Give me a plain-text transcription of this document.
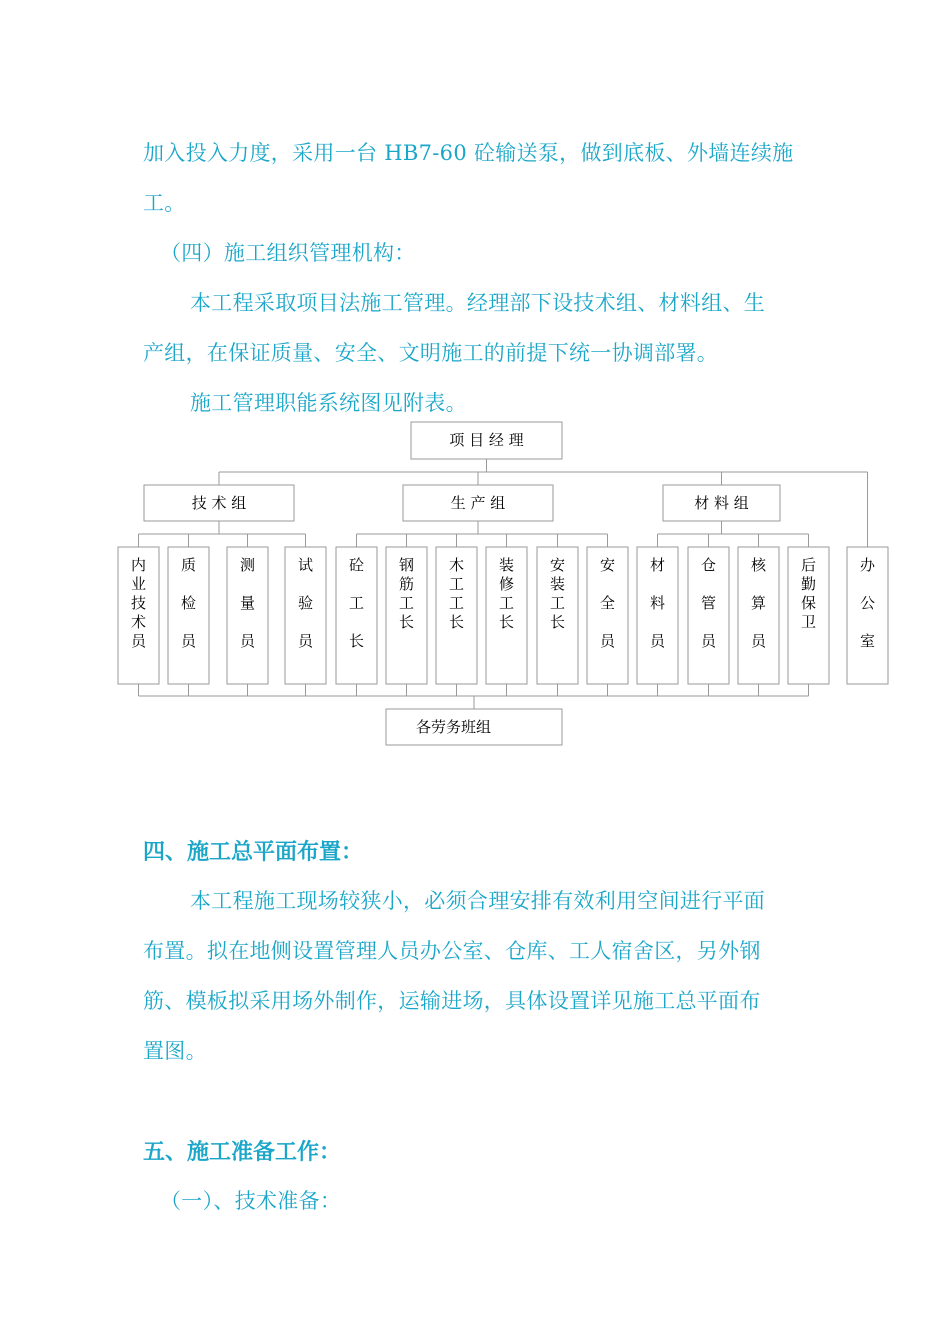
加入投入力度，采用一台 HB7-60 砼输送泵，做到底板、外墙连续施
工。
（四）施工组织管理机构：
本工程采取项目法施工管理。经理部下设技术组、材料组、生
产组，在保证质量、安全、文明施工的前提下统一协调部署。
施工管理职能系统图见附表。
项 目 经 理
技 术 组	生 产 组	材 料 组
内
业
技
术
员
质
检
员
测
量
员
试
验
员
砼
工
长
钢
筋
工
长
木
工
工
长
装
修
工
长
安
装
工
长
安
全
员
材
料
员
仓
管
员
核
算
员
后
勤
保
卫
办
公
室
各劳务班组
四、施工总平面布置：
本工程施工现场较狭小，必须合理安排有效利用空间进行平面
布置。拟在地侧设置管理人员办公室、仓库、工人宿舍区，另外钢
筋、模板拟采用场外制作，运输进场，具体设置详见施工总平面布
置图。
五、施工准备工作：
（一）、技术准备：
